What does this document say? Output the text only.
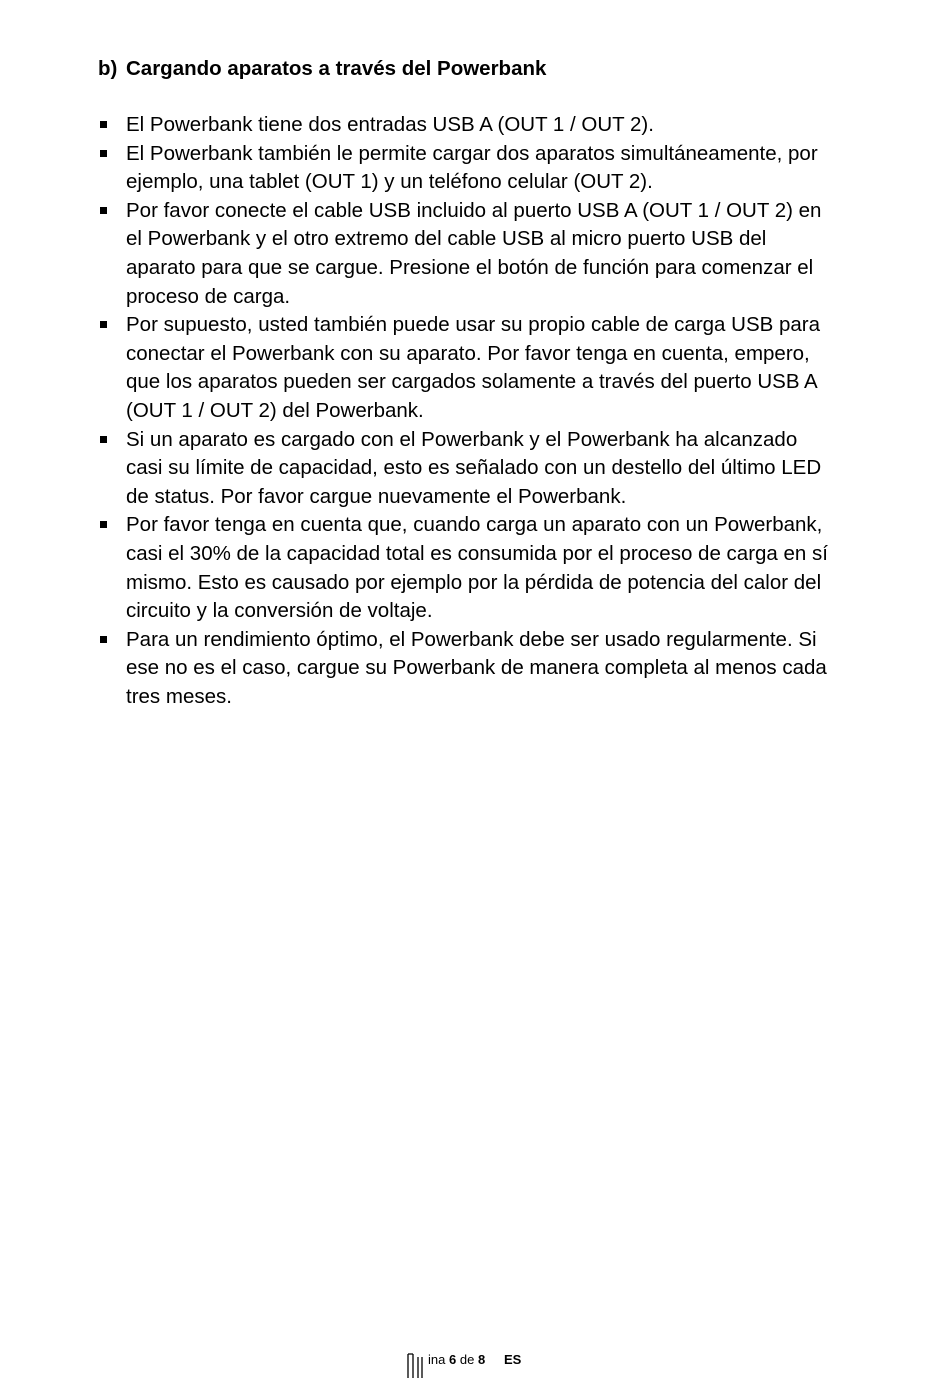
b) Cargando aparatos a través del Powerbank
El Powerbank tiene dos entradas USB A (OUT 1 / OUT 2).
El Powerbank también le permite cargar dos aparatos simultáneamente, por ejemplo, una tablet (OUT 1) y un teléfono celular (OUT 2).
Por favor conecte el cable USB incluido al puerto USB A (OUT 1 / OUT 2) en el Powerbank y el otro extremo del cable USB al micro puerto USB del aparato para que se cargue. Presione el botón de función para comenzar el proceso de carga.
Por supuesto, usted también puede usar su propio cable de carga USB para conectar el Powerbank con su aparato. Por favor tenga en cuenta, empero, que los aparatos pueden ser cargados solamente a través del puerto USB A (OUT 1 / OUT 2) del Powerbank.
Si un aparato es cargado con el Powerbank y el Powerbank ha alcanzado casi su límite de capacidad, esto es señalado con un destello del último LED de status. Por favor cargue nuevamente el Powerbank.
Por favor tenga en cuenta que, cuando carga un aparato con un Powerbank, casi el 30% de la capacidad total es consumida por el proceso de carga en sí mismo. Esto es causado por ejemplo por la pérdida de potencia del calor del circuito y la conversión de voltaje.
Para un rendimiento óptimo, el Powerbank debe ser usado regularmente. Si ese no es el caso, cargue su Powerbank de manera completa al menos cada tres meses.
ina 6 de 8 ES
